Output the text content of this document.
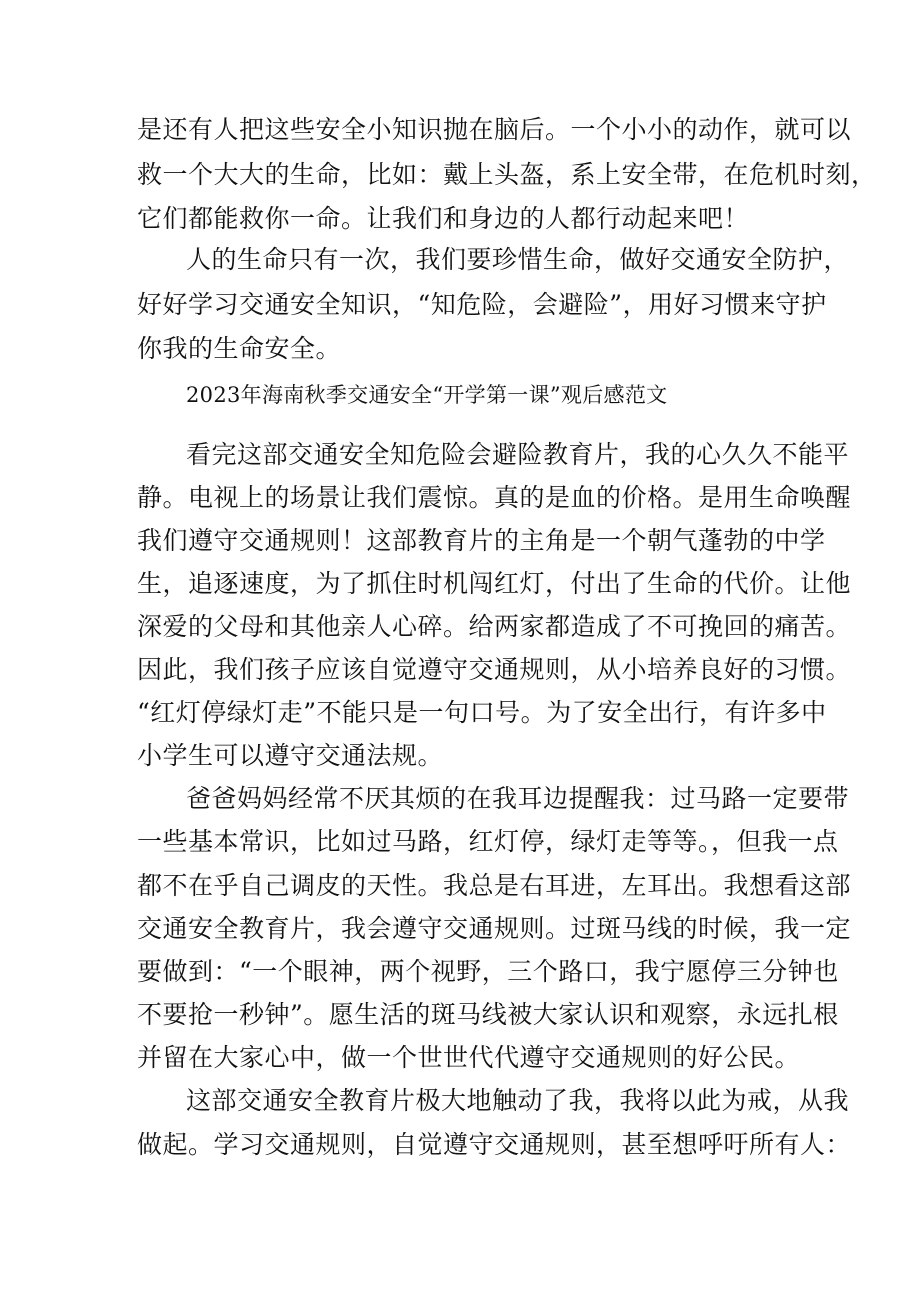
是还有人把这些安全小知识抛在脑后。一个小小的动作，就可以
救一个大大的生命，比如：戴上头盔，系上安全带，在危机时刻，
它们都能救你一命。让我们和身边的人都行动起来吧！
人的生命只有一次，我们要珍惜生命，做好交通安全防护，
好好学习交通安全知识，“知危险，会避险”，用好习惯来守护
你我的生命安全。
2023年海南秋季交通安全“开学第一课”观后感范文
看完这部交通安全知危险会避险教育片，我的心久久不能平
静。电视上的场景让我们震惊。真的是血的价格。是用生命唤醒
我们遵守交通规则！这部教育片的主角是一个朝气蓬勃的中学
生，追逐速度，为了抓住时机闯红灯，付出了生命的代价。让他
深爱的父母和其他亲人心碎。给两家都造成了不可挽回的痛苦。
因此，我们孩子应该自觉遵守交通规则，从小培养良好的习惯。
“红灯停绿灯走”不能只是一句口号。为了安全出行，有许多中
小学生可以遵守交通法规。
爸爸妈妈经常不厌其烦的在我耳边提醒我：过马路一定要带
一些基本常识，比如过马路，红灯停，绿灯走等等。，但我一点
都不在乎自己调皮的天性。我总是右耳进，左耳出。我想看这部
交通安全教育片，我会遵守交通规则。过斑马线的时候，我一定
要做到：“一个眼神，两个视野，三个路口，我宁愿停三分钟也
不要抢一秒钟”。愿生活的斑马线被大家认识和观察，永远扎根
并留在大家心中，做一个世世代代遵守交通规则的好公民。
这部交通安全教育片极大地触动了我，我将以此为戒，从我
做起。学习交通规则，自觉遵守交通规则，甚至想呼吁所有人：
